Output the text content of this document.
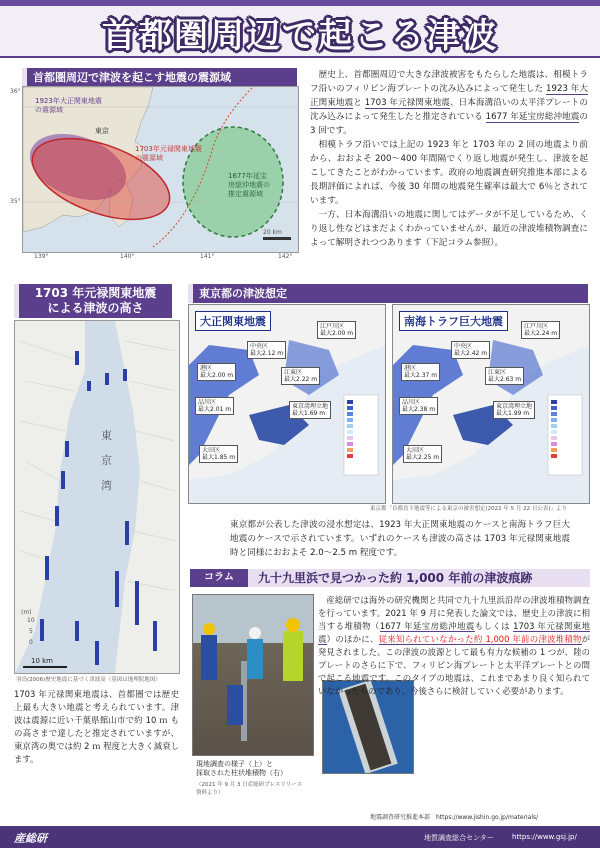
首都圏周辺で起こる津波
首都圏周辺で津波を起こす地震の震源域
1923年大正関東地震
の震源域
1703年元禄関東地震
の震源域
1677年延宝
房総沖地震の
推定震源域
東京
20 km
36°
35°
139°	140°	141°	142°

歴史上、首都圏周辺で大きな津波被害をもたらした地震は、相模トラフ沿いのフィリピン海プレートの沈み込みによって発生した 1923 年大正関東地震と 1703 年元禄関東地震、日本海溝沿いの太平洋プレートの沈み込みによって発生したと推定されている 1677 年延宝房総沖地震の 3 回です。

相模トラフ沿いでは上記の 1923 年と 1703 年の 2 回の地震より前から、おおよそ 200～400 年間隔でくり返し地震が発生し、津波を起こしてきたことがわかっています。政府の地震調査研究推進本部による長期評価によれば、今後 30 年間の地震発生確率は最大で 6％とされています。

一方、日本海溝沿いの地震に関してはデータが不足しているため、くり返し性などはまだよくわかっていませんが、最近の津波堆積物調査によって解明されつつあります（下記コラム参照）。

1703 年元禄関東地震
による津波の高さ
(m)
10
5
0
10 km
東
京
湾
羽鳥(2006)歴史地震に基づく津波高（基図は地理院地図）
1703 年元禄関東地震は、首都圏では歴史上最も大きい地震と考えられています。津波は震源に近い千葉県館山市で約 10 ｍ もの高さまで達したと推定されていますが、東京湾の奥では約 2 ｍ 程度と大きく減衰します。
東京都の津波想定
大正関東地震	江戸川区
最大2.00 m
中央区
最大2.12 m
港区
最大2.00 m	江東区
最大2.22 m
品川区
最大2.01 m	東京湾埋立地
最大1.69 m
大田区
最大1.85 m
南海トラフ巨大地震	江戸川区
最大2.24 m
中央区
最大2.42 m
港区
最大2.37 m	江東区
最大2.63 m
品川区
最大2.38 m	東京湾埋立地
最大1.99 m
大田区
最大2.25 m
東京都「首都直下地震等による東京の被害想定(2022 年 5 月 22 日公表)」より
東京都が公表した津波の浸水想定は、1923 年大正関東地震のケースと南海トラフ巨大地震のケースで示されています。いずれのケースも津波の高さは 1703 年元禄関東地震時と同様におおよそ 2.0～2.5 m 程度です。
コラム	九十九里浜で見つかった約 1,000 年前の津波痕跡
現地調査の様子（上）と
採取された柱状堆積物（右）
（2021 年 9 月 3 日産総研プレスリリース
資料より）

産総研では海外の研究機関と共同で九十九里浜沿岸の津波堆積物調査を行っています。2021 年 9 月に発表した論文では、歴史上の津波に相当する堆積物（1677 年延宝房総沖地震もしくは 1703 年元禄関東地震）のほかに、従来知られていなかった約 1,000 年前の津波堆積物が発見されました。この津波の波源として最も有力な候補の 1 つが、陸のプレートのさらに下で、フィリピン海プレートと太平洋プレートとの間で起こる地震です。このタイプの地震は、これまであまり良く知られていなかったものであり、今後さらに検討していく必要があります。

地震調査研究推進本部　https://www.jishin.go.jp/materials/
産総研	地質調査総合センター	https://www.gsj.jp/
